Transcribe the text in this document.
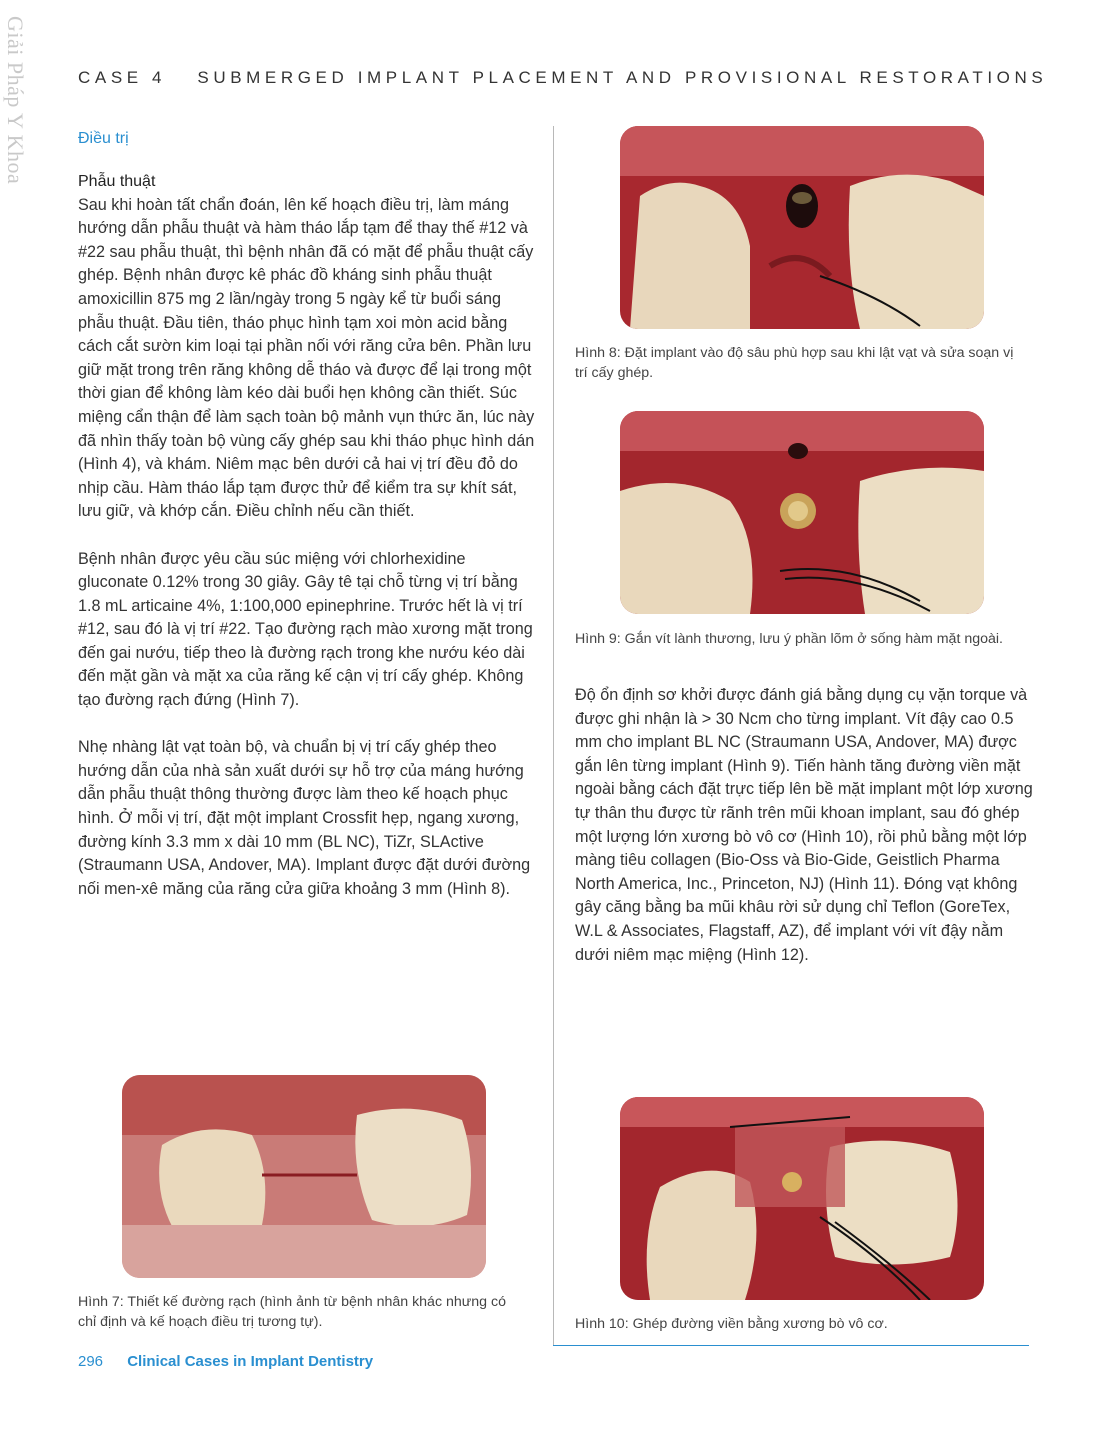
Giải Pháp Y Khoa	CASE 4 SUBMERGED IMPLANT PLACEMENT AND PROVISIONAL RESTORATIONS
Điều trị
Phẫu thuật

Sau khi hoàn tất chẩn đoán, lên kế hoạch điều trị, làm máng hướng dẫn phẫu thuật và hàm tháo lắp tạm để thay thế #12 và #22 sau phẫu thuật, thì bệnh nhân đã có mặt để phẫu thuật cấy ghép. Bệnh nhân được kê phác đồ kháng sinh phẫu thuật amoxicillin 875 mg 2 lần/ngày trong 5 ngày kể từ buổi sáng phẫu thuật. Đầu tiên, tháo phục hình tạm xoi mòn acid bằng cách cắt sườn kim loại tại phần nối với răng cửa bên. Phần lưu giữ mặt trong trên răng không dễ tháo và được để lại trong một thời gian để không làm kéo dài buổi hẹn không cần thiết. Súc miệng cẩn thận để làm sạch toàn bộ mảnh vụn thức ăn, lúc này đã nhìn thấy toàn bộ vùng cấy ghép sau khi tháo phục hình dán (Hình 4), và khám. Niêm mạc bên dưới cả hai vị trí đều đỏ do nhịp cầu. Hàm tháo lắp tạm được thử để kiểm tra sự khít sát, lưu giữ, và khớp cắn. Điều chỉnh nếu cần thiết.

Bệnh nhân được yêu cầu súc miệng với chlorhexidine gluconate 0.12% trong 30 giây. Gây tê tại chỗ từng vị trí bằng 1.8 mL articaine 4%, 1:100,000 epinephrine. Trước hết là vị trí #12, sau đó là vị trí #22. Tạo đường rạch mào xương mặt trong đến gai nướu, tiếp theo là đường rạch trong khe nướu kéo dài đến mặt gần và mặt xa của răng kế cận vị trí cấy ghép. Không tạo đường rạch đứng (Hình 7).

Nhẹ nhàng lật vạt toàn bộ, và chuẩn bị vị trí cấy ghép theo hướng dẫn của nhà sản xuất dưới sự hỗ trợ của máng hướng dẫn phẫu thuật thông thường được làm theo kế hoạch phục hình. Ở mỗi vị trí, đặt một implant Crossfit hẹp, ngang xương, đường kính 3.3 mm x dài 10 mm (BL NC), TiZr, SLActive (Straumann USA, Andover, MA). Implant được đặt dưới đường nối men-xê măng của răng cửa giữa khoảng 3 mm (Hình 8).

Hình 8: Đặt implant vào độ sâu phù hợp sau khi lật vạt và sửa soạn vị trí cấy ghép.
Hình 9: Gắn vít lành thương, lưu ý phần lõm ở sống hàm mặt ngoài.

Độ ổn định sơ khởi được đánh giá bằng dụng cụ vặn torque và được ghi nhận là > 30 Ncm cho từng implant. Vít đậy cao 0.5 mm cho implant BL NC (Straumann USA, Andover, MA) được gắn lên từng implant (Hình 9). Tiến hành tăng đường viền mặt ngoài bằng cách đặt trực tiếp lên bề mặt implant một lớp xương tự thân thu được từ rãnh trên mũi khoan implant, sau đó ghép một lượng lớn xương bò vô cơ (Hình 10), rồi phủ bằng một lớp màng tiêu collagen (Bio-Oss và Bio-Gide, Geistlich Pharma North America, Inc., Princeton, NJ) (Hình 11). Đóng vạt không gây căng bằng ba mũi khâu rời sử dụng chỉ Teflon (GoreTex, W.L & Associates, Flagstaff, AZ), để implant với vít đậy nằm dưới niêm mạc miệng (Hình 12).

Hình 7: Thiết kế đường rạch (hình ảnh từ bệnh nhân khác nhưng có chỉ định và kế hoạch điều trị tương tự).	Hình 10: Ghép đường viền bằng xương bò vô cơ.
296 Clinical Cases in Implant Dentistry
